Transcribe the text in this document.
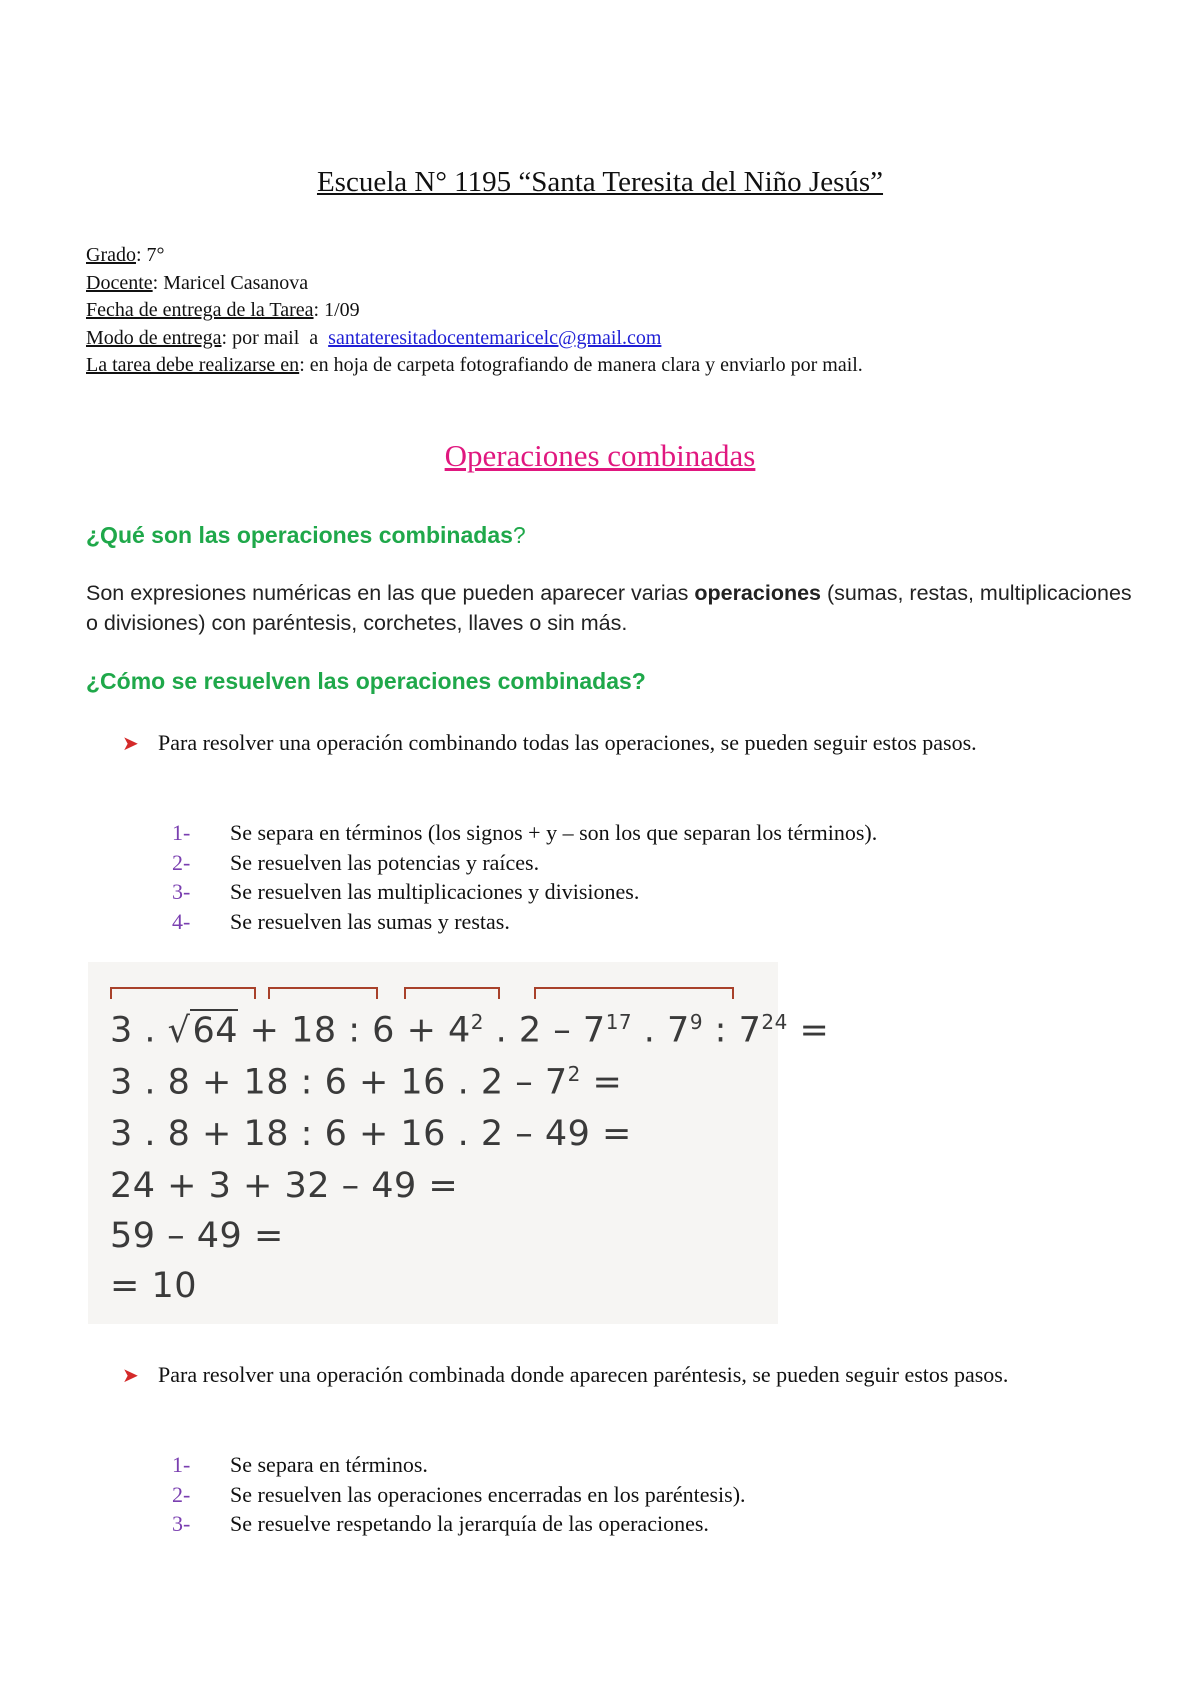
Escuela N° 1195 “Santa Teresita del Niño Jesús”
Grado: 7°
Docente: Maricel Casanova
Fecha de entrega de la Tarea: 1/09
Modo de entrega: por mail  a  santateresitadocentemaricelc@gmail.com
La tarea debe realizarse en: en hoja de carpeta fotografiando de manera clara y enviarlo por mail.
Operaciones combinadas
¿Qué son las operaciones combinadas?
Son expresiones numéricas en las que pueden aparecer varias operaciones (sumas, restas, multiplicaciones o divisiones) con paréntesis, corchetes, llaves o sin más.
¿Cómo se resuelven las operaciones combinadas?
➤ Para resolver una operación combinando todas las operaciones, se pueden seguir estos pasos.
1- Se separa en términos (los signos + y – son los que separan los términos).
2- Se resuelven las potencias y raíces.
3- Se resuelven las multiplicaciones y divisiones.
4- Se resuelven las sumas y restas.
3 . √64 + 18 : $6 + 4^2$ . $2 - 7^{17}$ . $7^9$ : $7^{24}$ =
3 . 8 + 18 : 6 + 16 . $2 - 7^2$ =
3 . 8 + 18 : 6 + 16 . 2 – 49 =
24 + 3 + 32 – 49 =
59 – 49 =
= 10
➤ Para resolver una operación combinada donde aparecen paréntesis, se pueden seguir estos pasos.
1- Se separa en términos.
2- Se resuelven las operaciones encerradas en los paréntesis).
3- Se resuelve respetando la jerarquía de las operaciones.
